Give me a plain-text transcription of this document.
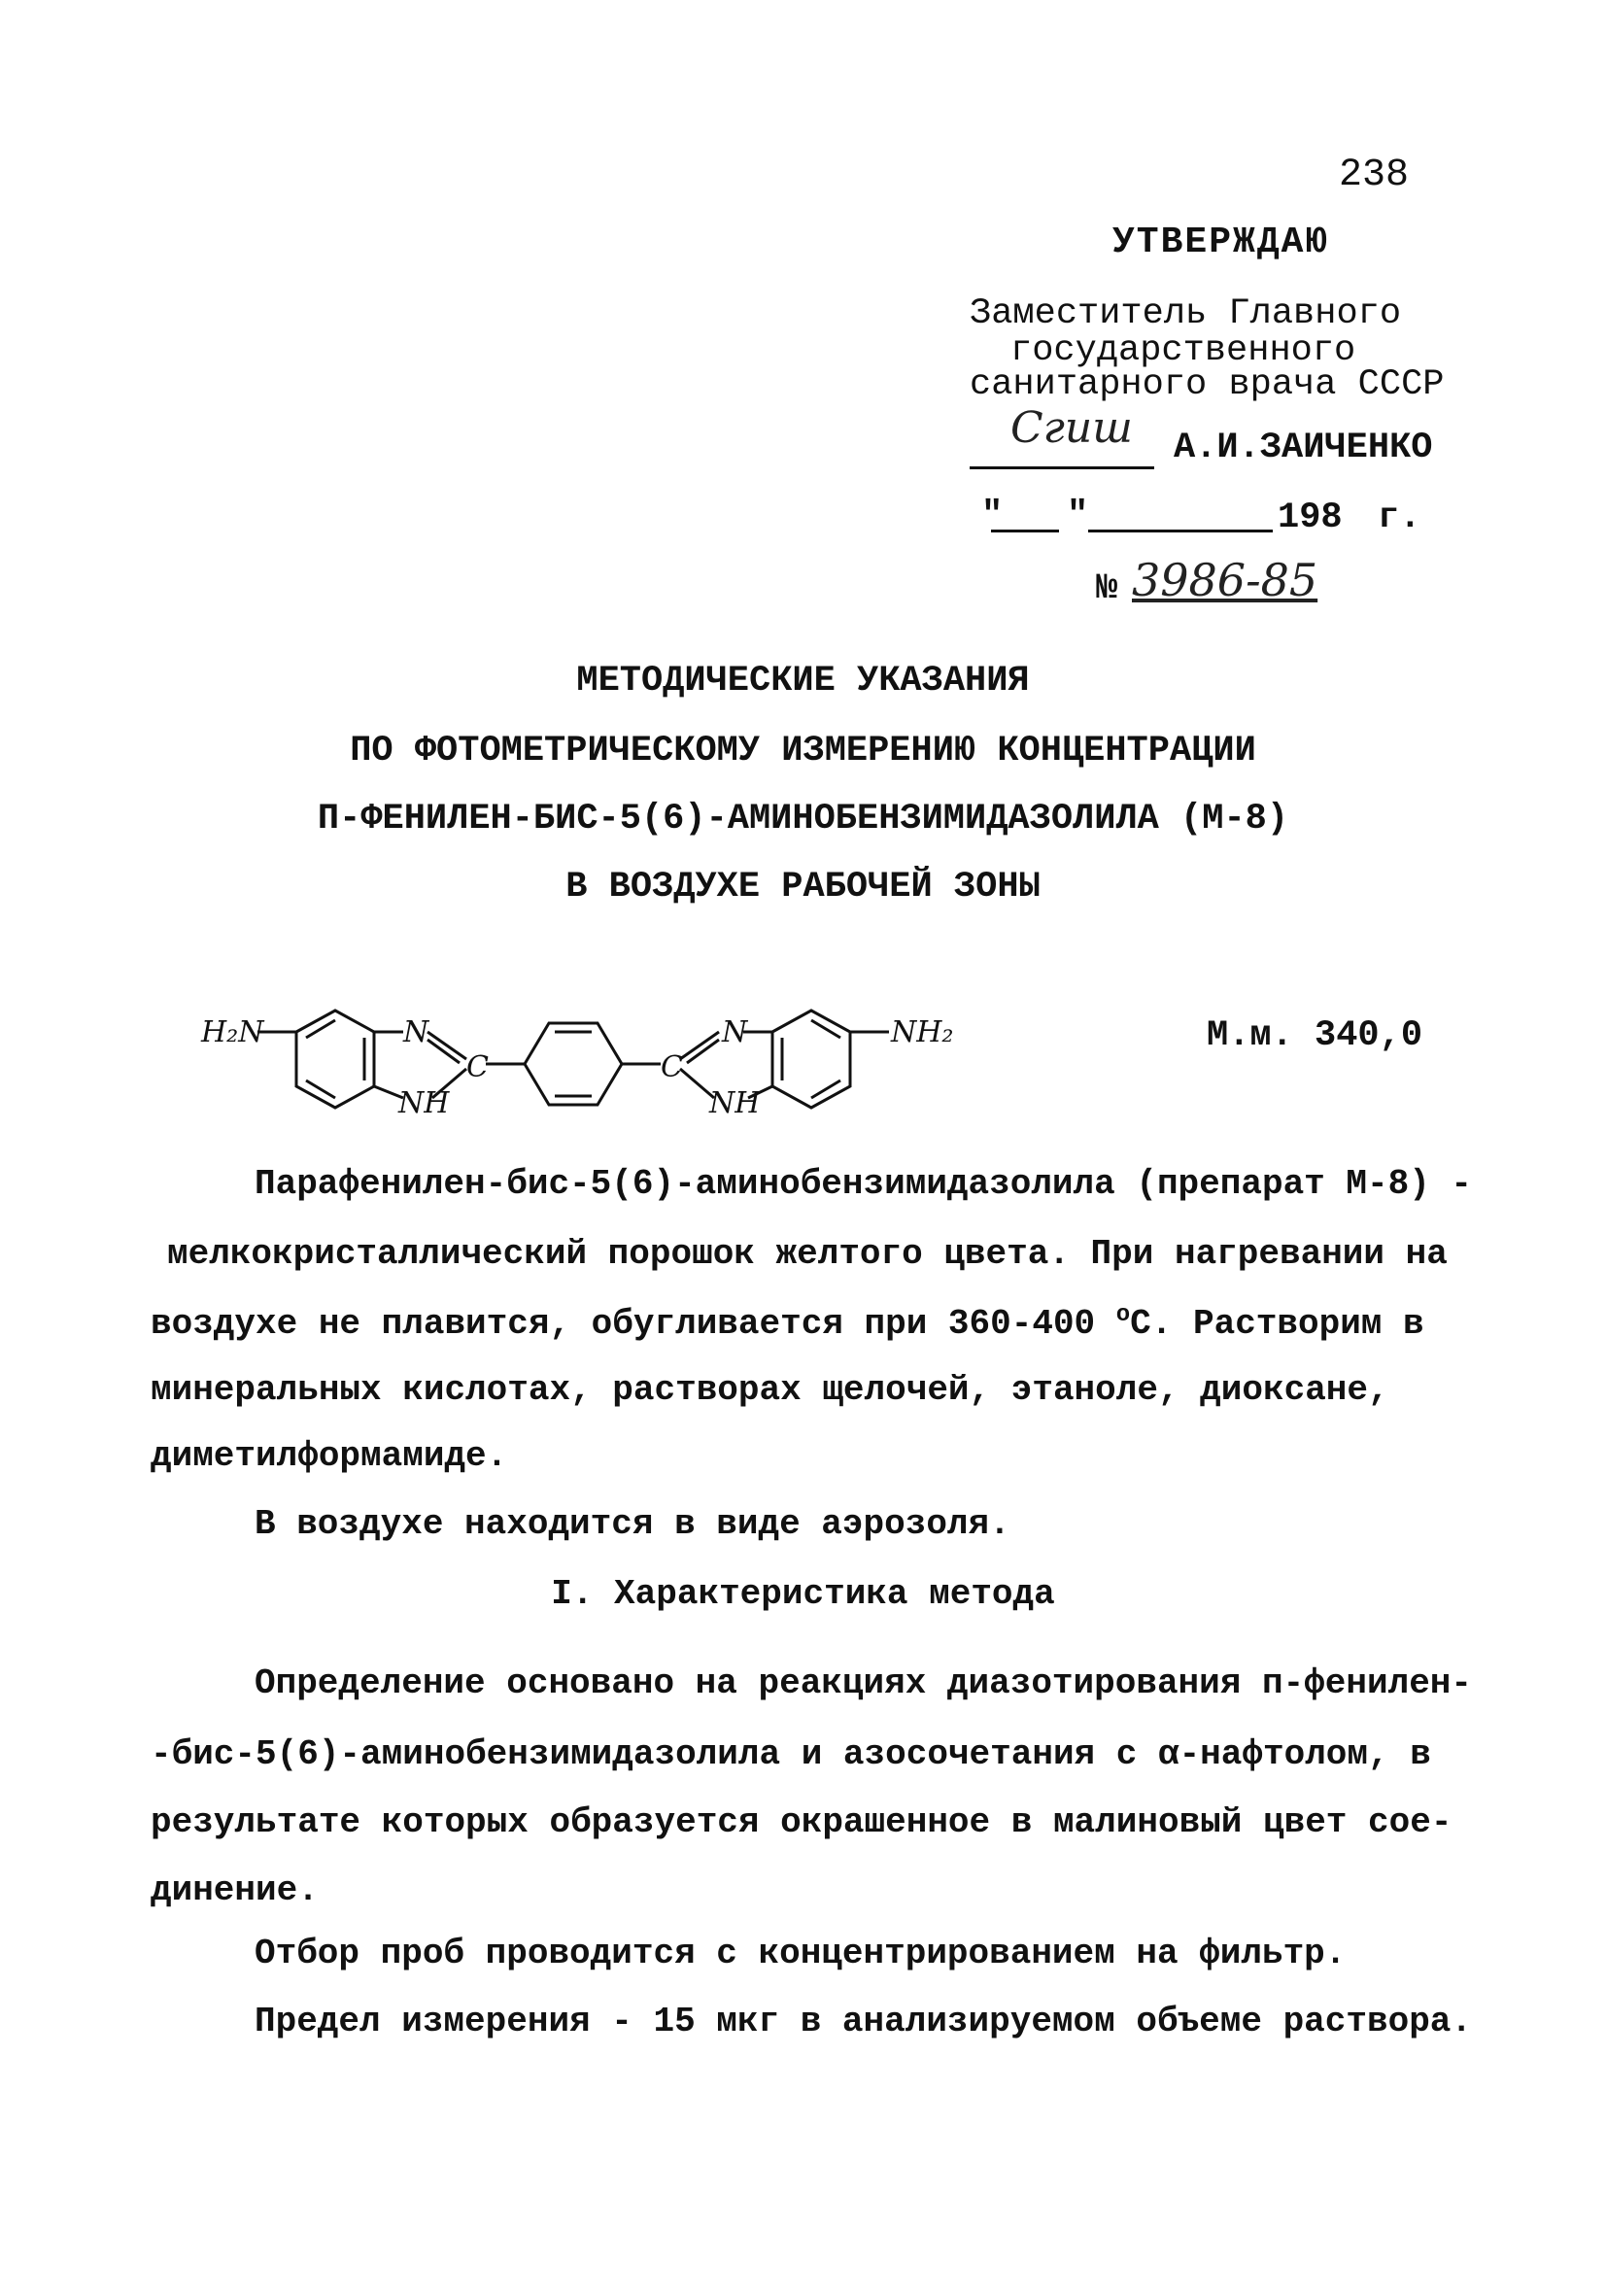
238
УТВЕРЖДАЮ
Заместитель Главного
государственного
санитарного врача СССР
Сгиш А.И.ЗАИЧЕНКО
" "	198 г.
№ 3986-85
МЕТОДИЧЕСКИЕ УКАЗАНИЯ
ПО ФОТОМЕТРИЧЕСКОМУ ИЗМЕРЕНИЮ КОНЦЕНТРАЦИИ
П-ФЕНИЛЕН-БИС-5(6)-АМИНОБЕНЗИМИДАЗОЛИЛА (М-8)
В ВОЗДУХЕ РАБОЧЕЙ ЗОНЫ
H₂N	N
NH
C	C
N
NH
NH₂	М.м. 340,0
Парафенилен-бис-5(6)-аминобензимидазолила (препарат М-8) -
мелкокристаллический порошок желтого цвета. При нагревании на
воздухе не плавится, обугливается при 360-400 $^о$С. Растворим в
минеральных кислотах, растворах щелочей, этаноле, диоксане,
диметилформамиде.
В воздухе находится в виде аэрозоля.
I. Характеристика метода
Определение основано на реакциях диазотирования п-фенилен-
-бис-5(6)-аминобензимидазолила и азосочетания с α-нафтолом, в
результате которых образуется окрашенное в малиновый цвет сое-
динение.
Отбор проб проводится с концентрированием на фильтр.
Предел измерения - 15 мкг в анализируемом объеме раствора.
